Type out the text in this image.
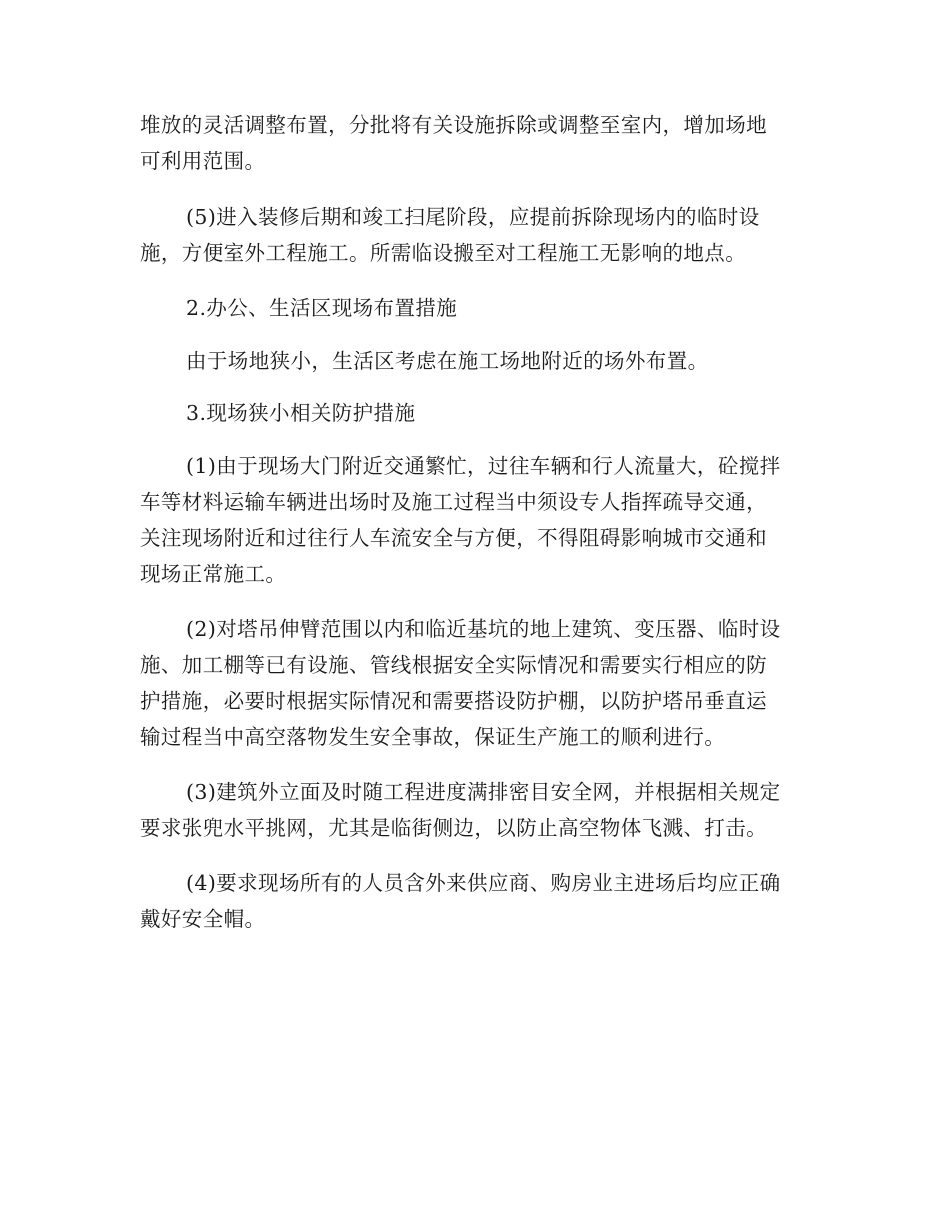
堆放的灵活调整布置，分批将有关设施拆除或调整至室内，增加场地
可利用范围。

(5)进入装修后期和竣工扫尾阶段，应提前拆除现场内的临时设
施，方便室外工程施工。所需临设搬至对工程施工无影响的地点。

2.办公、生活区现场布置措施

由于场地狭小，生活区考虑在施工场地附近的场外布置。

3.现场狭小相关防护措施

(1)由于现场大门附近交通繁忙，过往车辆和行人流量大，砼搅拌
车等材料运输车辆进出场时及施工过程当中须设专人指挥疏导交通，
关注现场附近和过往行人车流安全与方便，不得阻碍影响城市交通和
现场正常施工。

(2)对塔吊伸臂范围以内和临近基坑的地上建筑、变压器、临时设
施、加工棚等已有设施、管线根据安全实际情况和需要实行相应的防
护措施，必要时根据实际情况和需要搭设防护棚，以防护塔吊垂直运
输过程当中高空落物发生安全事故，保证生产施工的顺利进行。

(3)建筑外立面及时随工程进度满排密目安全网，并根据相关规定
要求张兜水平挑网，尤其是临街侧边，以防止高空物体飞溅、打击。

(4)要求现场所有的人员含外来供应商、购房业主进场后均应正确
戴好安全帽。
